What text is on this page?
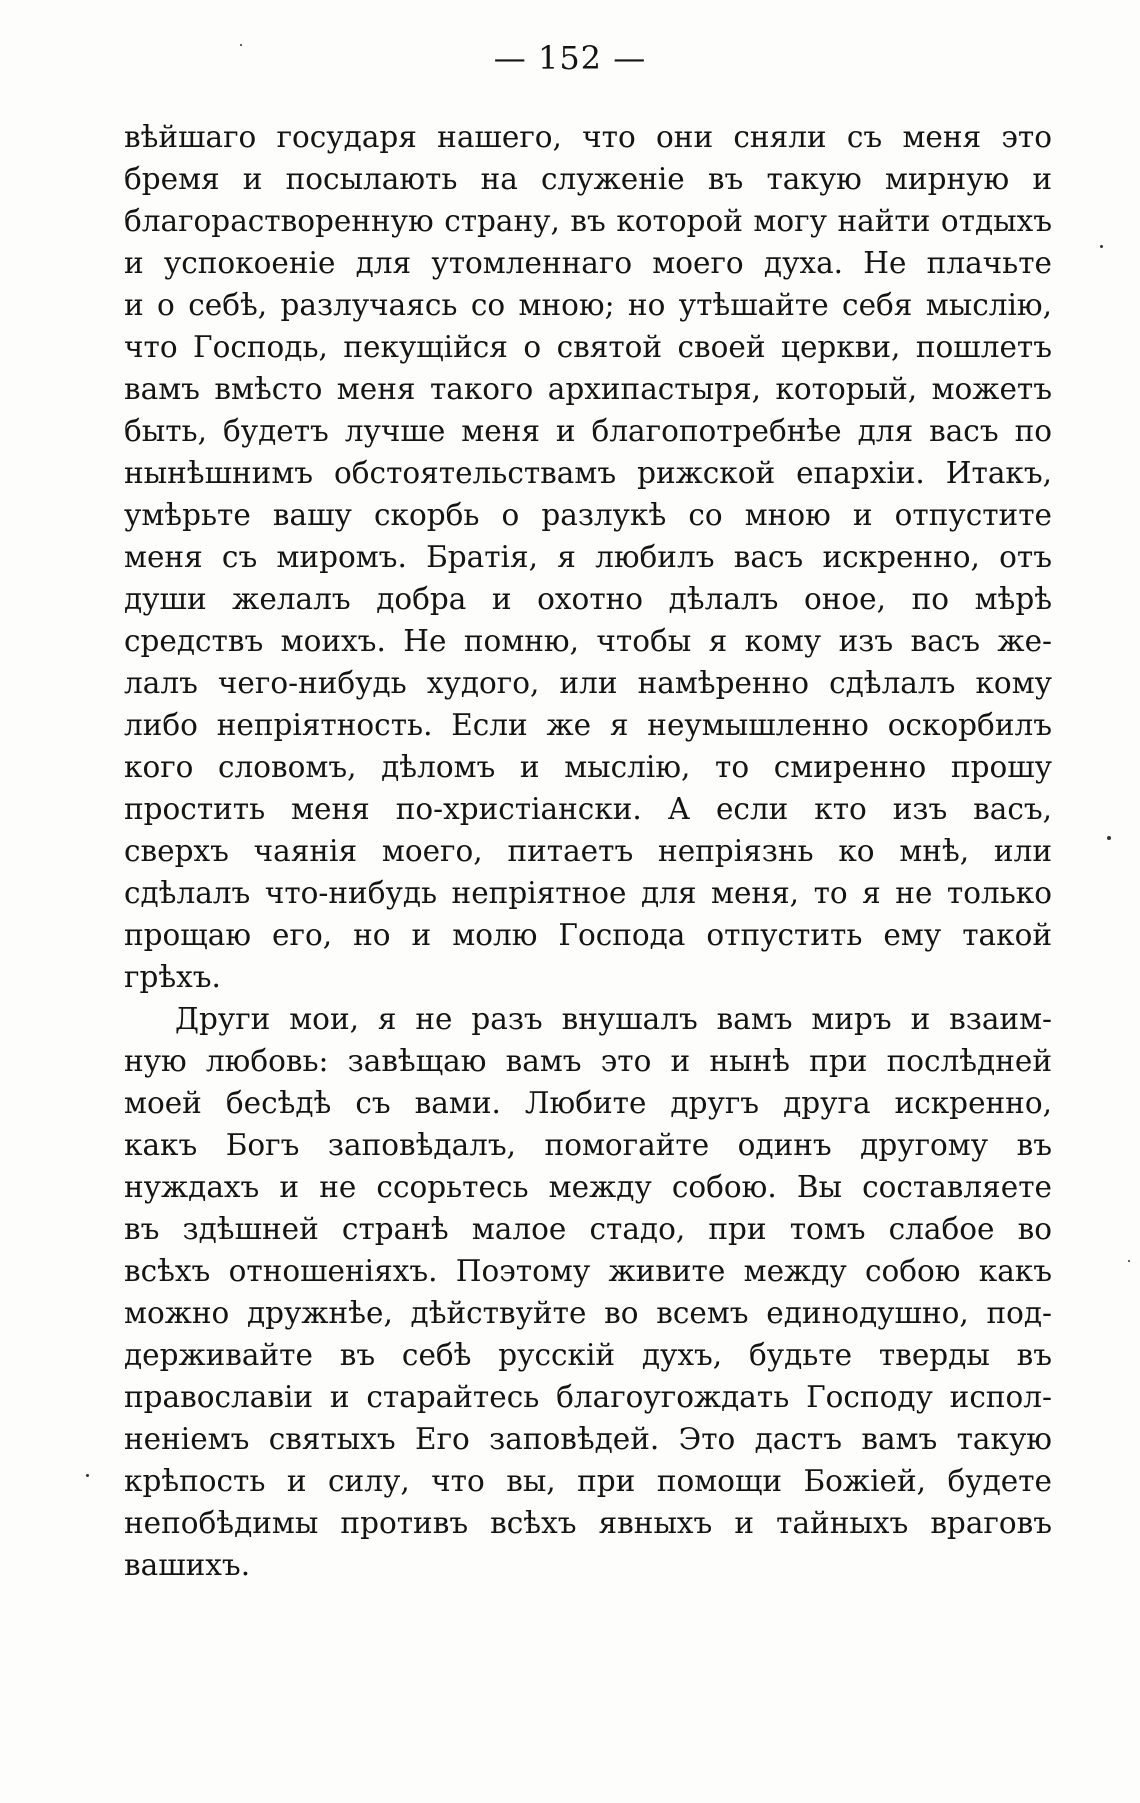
— 152 —
вѣйшаго государя нашего, что они сняли съ меня это
бремя и посылають на служеніе въ такую мирную и
благорастворенную страну, въ которой могу найти отдыхъ
и успокоеніе для утомленнаго моего духа. Не плачьте
и о себѣ, разлучаясь со мною; но утѣшайте себя мыслію,
что Господь, пекущійся о святой своей церкви, пошлетъ
вамъ вмѣсто меня такого архипастыря, который, можетъ
быть, будетъ лучше меня и благопотребнѣе для васъ по
нынѣшнимъ обстоятельствамъ рижской епархіи. Итакъ,
умѣрьте вашу скорбь о разлукѣ со мною и отпустите
меня съ миромъ. Братія, я любилъ васъ искренно, отъ
души желалъ добра и охотно дѣлалъ оное, по мѣрѣ
средствъ моихъ. Не помню, чтобы я кому изъ васъ же-
лалъ чего-нибудь худого, или намѣренно сдѣлалъ кому
либо непріятность. Если же я неумышленно оскорбилъ
кого словомъ, дѣломъ и мыслію, то смиренно прошу
простить меня по-христіански. А если кто изъ васъ,
сверхъ чаянія моего, питаетъ непріязнь ко мнѣ, или
сдѣлалъ что-нибудь непріятное для меня, то я не только
прощаю его, но и молю Господа отпустить ему такой
грѣхъ.
Други мои, я не разъ внушалъ вамъ миръ и взаим-
ную любовь: завѣщаю вамъ это и нынѣ при послѣдней
моей бесѣдѣ съ вами. Любите другъ друга искренно,
какъ Богъ заповѣдалъ, помогайте одинъ другому въ
нуждахъ и не ссорьтесь между собою. Вы составляете
въ здѣшней странѣ малое стадо, при томъ слабое во
всѣхъ отношеніяхъ. Поэтому живите между собою какъ
можно дружнѣе, дѣйствуйте во всемъ единодушно, под-
держивайте въ себѣ русскій духъ, будьте тверды въ
православіи и старайтесь благоугождать Господу испол-
неніемъ святыхъ Его заповѣдей. Это дастъ вамъ такую
крѣпость и силу, что вы, при помощи Божіей, будете
непобѣдимы противъ всѣхъ явныхъ и тайныхъ враговъ
вашихъ.
